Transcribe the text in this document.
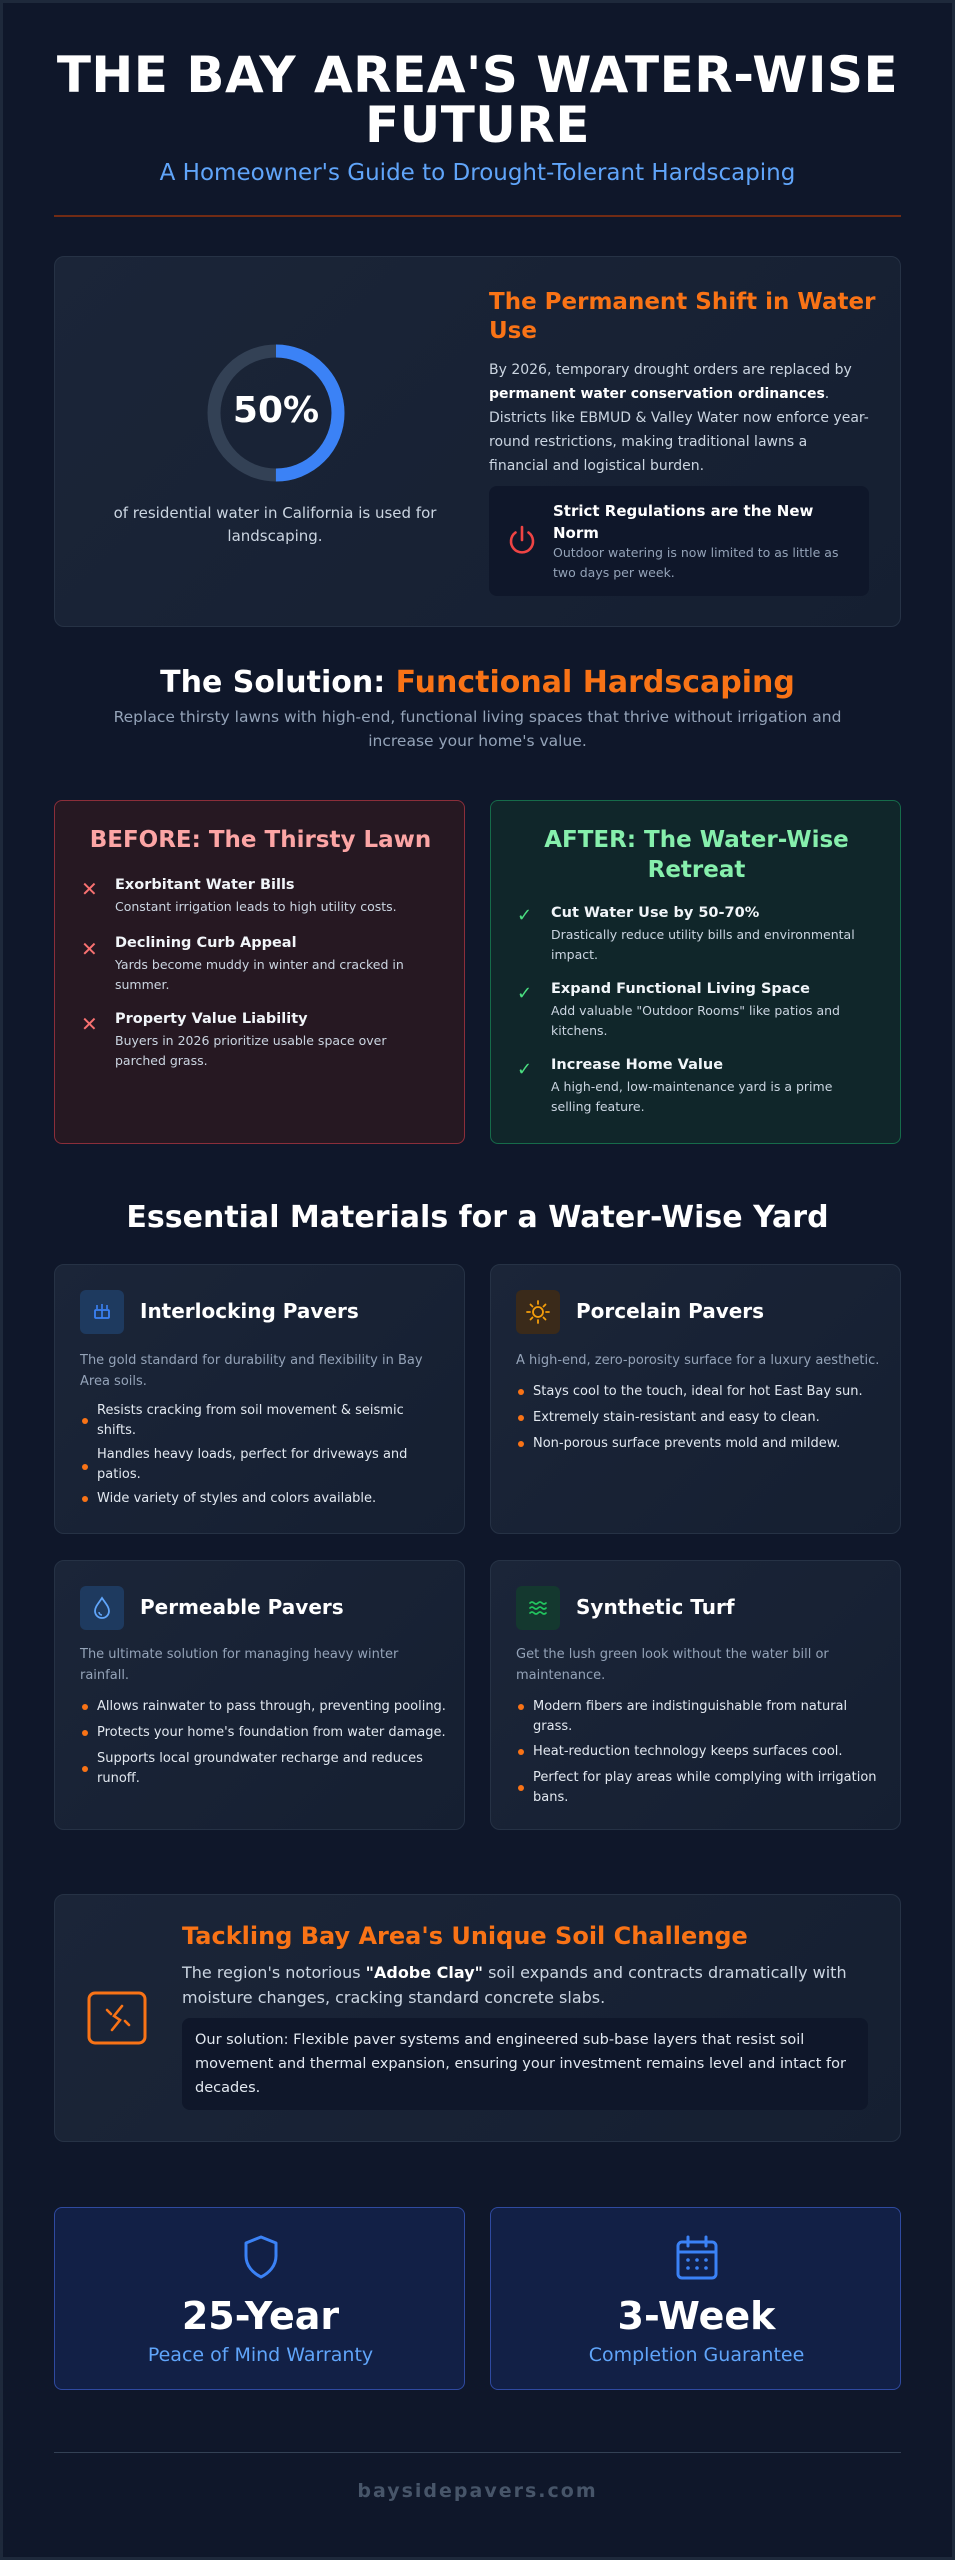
THE BAY AREA'S WATER-WISE FUTURE
A Homeowner's Guide to Drought-Tolerant Hardscaping
50%
of residential water in California is used for landscaping.
The Permanent Shift in Water Use
By 2026, temporary drought orders are replaced by permanent water conservation ordinances. Districts like EBMUD & Valley Water now enforce year-round restrictions, making traditional lawns a financial and logistical burden.
Strict Regulations are the New Norm
Outdoor watering is now limited to as little as two days per week.
The Solution: Functional Hardscaping
Replace thirsty lawns with high-end, functional living spaces that thrive without irrigation and increase your home's value.
BEFORE: The Thirsty Lawn
✕ Exorbitant Water Bills
Constant irrigation leads to high utility costs.
✕ Declining Curb Appeal
Yards become muddy in winter and cracked in summer.
✕ Property Value Liability
Buyers in 2026 prioritize usable space over parched grass.
AFTER: The Water-Wise Retreat
✓ Cut Water Use by 50-70%
Drastically reduce utility bills and environmental impact.
✓ Expand Functional Living Space
Add valuable "Outdoor Rooms" like patios and kitchens.
✓ Increase Home Value
A high-end, low-maintenance yard is a prime selling feature.
Essential Materials for a Water-Wise Yard
Interlocking Pavers
The gold standard for durability and flexibility in Bay Area soils.
Resists cracking from soil movement & seismic shifts.
Handles heavy loads, perfect for driveways and patios.
Wide variety of styles and colors available.
Porcelain Pavers
A high-end, zero-porosity surface for a luxury aesthetic.
Stays cool to the touch, ideal for hot East Bay sun.
Extremely stain-resistant and easy to clean.
Non-porous surface prevents mold and mildew.
Permeable Pavers
The ultimate solution for managing heavy winter rainfall.
Allows rainwater to pass through, preventing pooling.
Protects your home's foundation from water damage.
Supports local groundwater recharge and reduces runoff.
Synthetic Turf
Get the lush green look without the water bill or maintenance.
Modern fibers are indistinguishable from natural grass.
Heat-reduction technology keeps surfaces cool.
Perfect for play areas while complying with irrigation bans.
Tackling Bay Area's Unique Soil Challenge
The region's notorious "Adobe Clay" soil expands and contracts dramatically with moisture changes, cracking standard concrete slabs.
Our solution: Flexible paver systems and engineered sub-base layers that resist soil movement and thermal expansion, ensuring your investment remains level and intact for decades.
25-Year
Peace of Mind Warranty
3-Week
Completion Guarantee
baysidepavers.com
